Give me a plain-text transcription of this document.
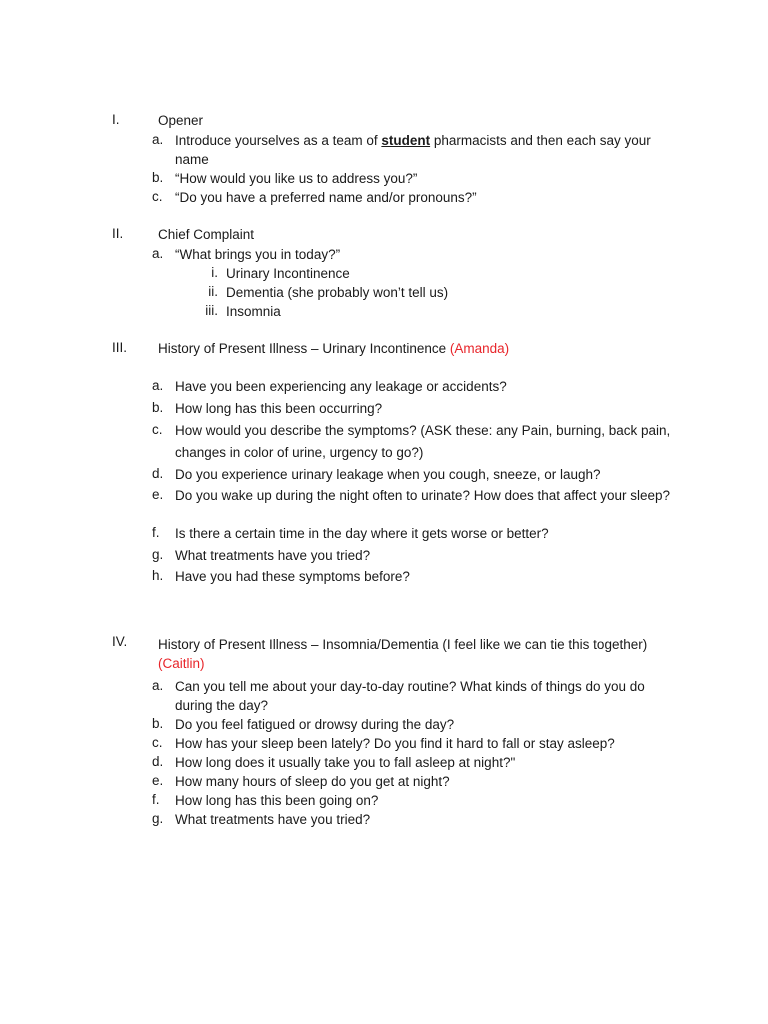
I.	Opener
a. Introduce yourselves as a team of student pharmacists and then each say your name
b. “How would you like us to address you?”
c. “Do you have a preferred name and/or pronouns?”
II.	Chief Complaint
a. “What brings you in today?”
i. Urinary Incontinence
ii. Dementia (she probably won’t tell us)
iii. Insomnia
III. History of Present Illness – Urinary Incontinence (Amanda)
a. Have you been experiencing any leakage or accidents?
b. How long has this been occurring?
c. How would you describe the symptoms? (ASK these: any Pain, burning, back pain, changes in color of urine, urgency to go?)
d. Do you experience urinary leakage when you cough, sneeze, or laugh?
e. Do you wake up during the night often to urinate? How does that affect your sleep?
f.	Is there a certain time in the day where it gets worse or better?
g. What treatments have you tried?
h. Have you had these symptoms before?
IV. History of Present Illness – Insomnia/Dementia (I feel like we can tie this together)
(Caitlin)
a. Can you tell me about your day-to-day routine? What kinds of things do you do during the day?
b. Do you feel fatigued or drowsy during the day?
c. How has your sleep been lately? Do you find it hard to fall or stay asleep?
d. How long does it usually take you to fall asleep at night?"
e. How many hours of sleep do you get at night?
f.	How long has this been going on?
g. What treatments have you tried?
